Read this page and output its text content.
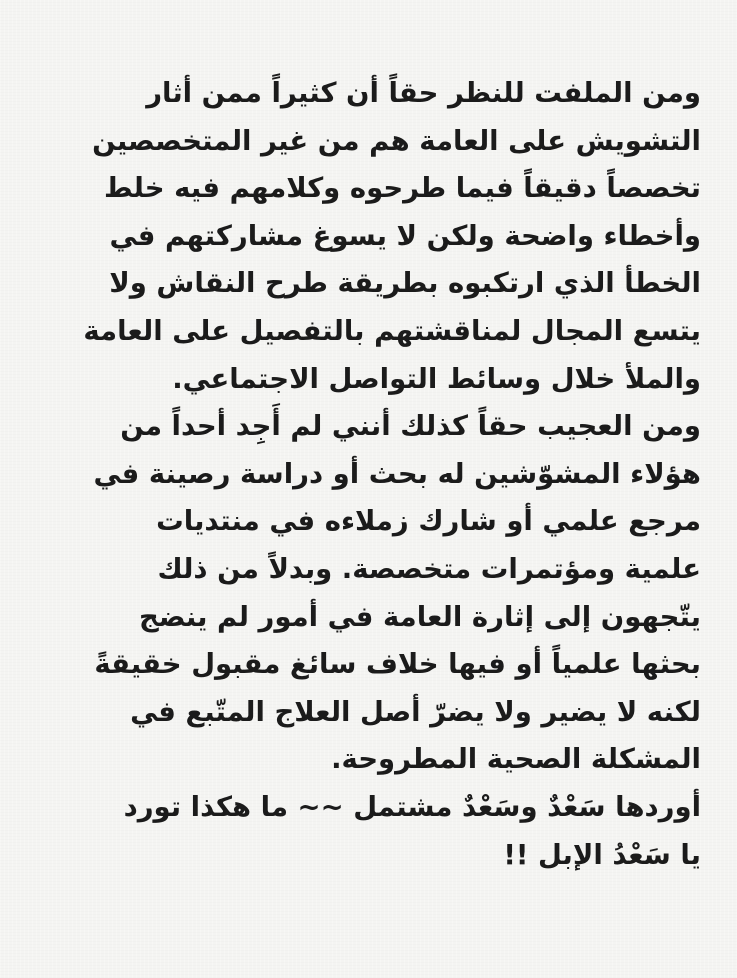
ومن الملفت للنظر حقاً أن كثيراً ممن أثار
التشويش على العامة هم من غير المتخصصين
تخصصاً دقيقاً فيما طرحوه وكلامهم فيه خلط
وأخطاء واضحة ولكن لا يسوغ مشاركتهم في
الخطأ الذي ارتكبوه بطريقة طرح النقاش ولا
يتسع المجال لمناقشتهم بالتفصيل على العامة
والملأ خلال وسائط التواصل الاجتماعي.
ومن العجيب حقاً كذلك أنني لم أَجِد أحداً من
هؤلاء المشوّشين له بحث أو دراسة رصينة في
مرجع علمي أو شارك زملاءه في منتديات
علمية ومؤتمرات متخصصة. وبدلاً من ذلك
يتّجهون إلى إثارة العامة في أمور لم ينضج
بحثها علمياً أو فيها خلاف سائغ مقبول خقيقةً
لكنه لا يضير ولا يضرّ أصل العلاج المتّبع في
المشكلة الصحية المطروحة.
أوردها سَعْدٌ وسَعْدٌ مشتمل ~~ ما هكذا تورد
يا سَعْدُ الإبل !!
